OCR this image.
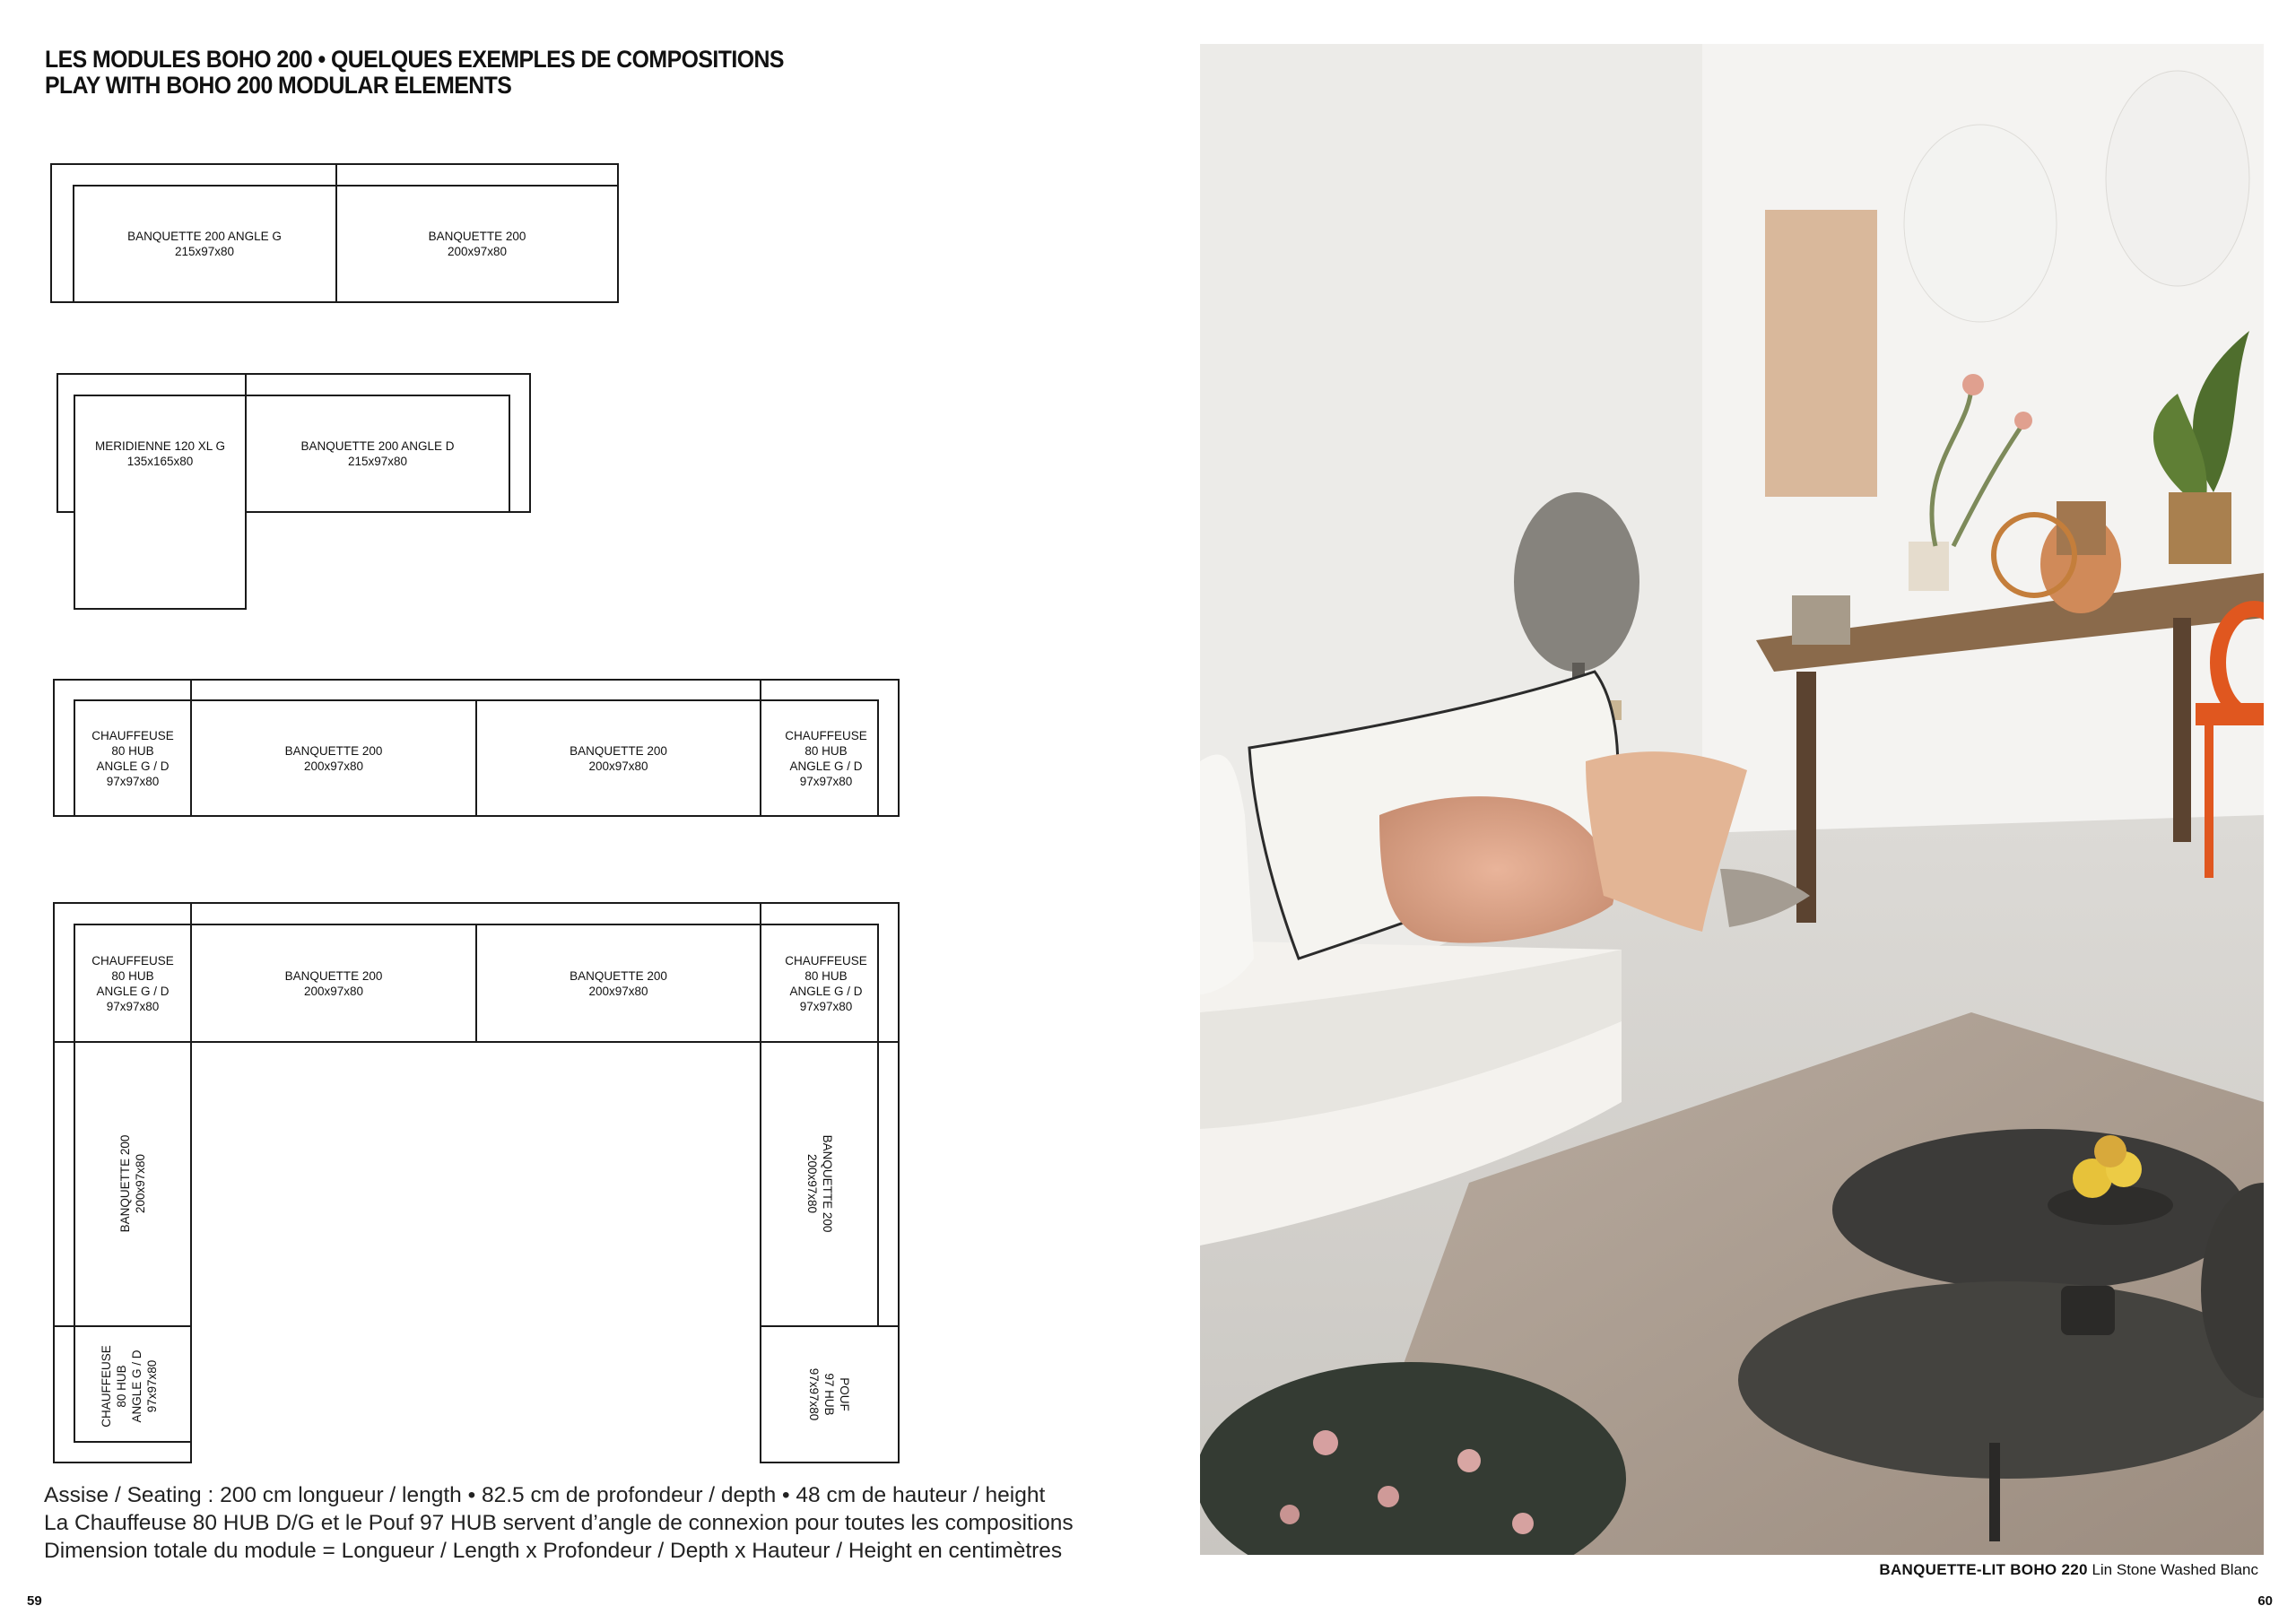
LES MODULES BOHO 200 • QUELQUES EXEMPLES DE COMPOSITIONS
PLAY WITH BOHO 200 MODULAR ELEMENTS
BANQUETTE 200 ANGLE G
215x97x80
BANQUETTE 200
200x97x80
MERIDIENNE 120 XL G
135x165x80
BANQUETTE 200 ANGLE D
215x97x80
CHAUFFEUSE
80 HUB
ANGLE G / D
97x97x80
BANQUETTE 200
200x97x80
BANQUETTE 200
200x97x80
CHAUFFEUSE
80 HUB
ANGLE G / D
97x97x80
CHAUFFEUSE
80 HUB
ANGLE G / D
97x97x80
BANQUETTE 200
200x97x80
BANQUETTE 200
200x97x80
CHAUFFEUSE
80 HUB
ANGLE G / D
97x97x80
BANQUETTE 200 200x97x80	BANQUETTE 200
200x97x80
CHAUFFEUSE 80 HUB ANGLE G / D 97x97x80	POUF
97 HUB
97x97x80
Assise / Seating : 200 cm longueur / length • 82.5 cm de profondeur / depth • 48 cm de hauteur / height
La Chauffeuse 80 HUB D/G et le Pouf 97 HUB servent d’angle de connexion pour toutes les compositions
Dimension totale du module = Longueur / Length x Profondeur / Depth x Hauteur / Height en centimètres
59	60
BANQUETTE-LIT BOHO 220 Lin Stone Washed Blanc
